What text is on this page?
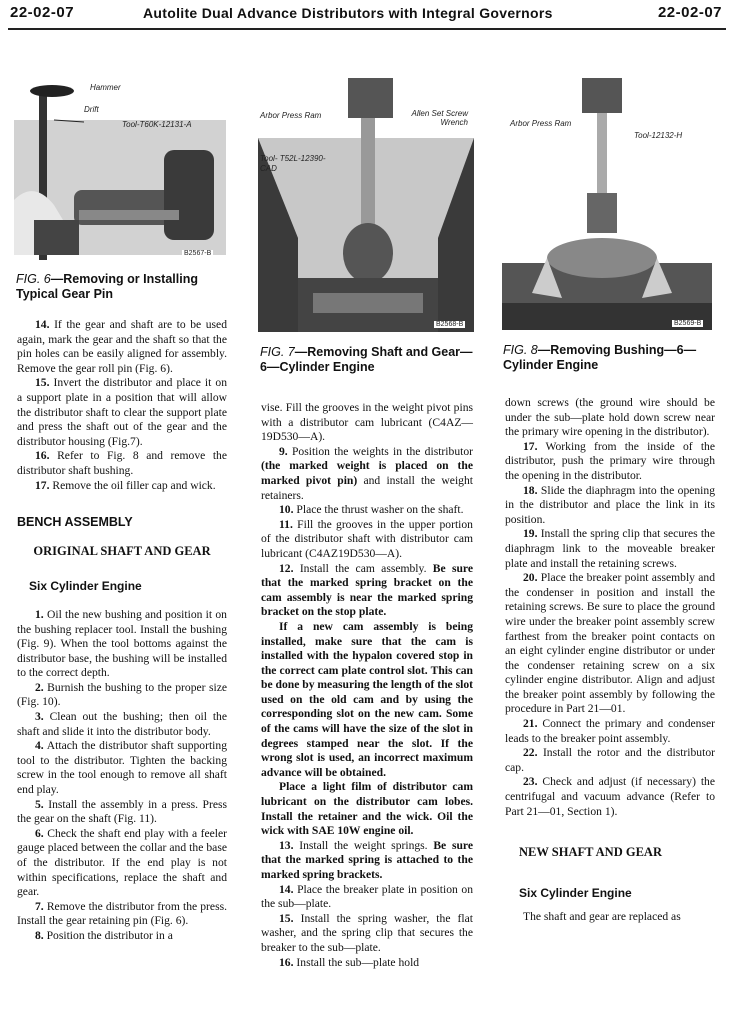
22-02-07	Autolite Dual Advance Distributors with Integral Governors	22-02-07
Hammer
Drift
Tool-T60K-12131-A
B2567-B
FIG. 6—Removing or Installing Typical Gear Pin
Arbor Press Ram	Allen Set Screw Wrench
Tool- T52L-12390-CAD
B2568-B
FIG. 7—Removing Shaft and Gear—6—Cylinder Engine
Arbor Press Ram
Tool-12132-H
B2569-B
FIG. 8—Removing Bushing—6—Cylinder Engine

14. If the gear and shaft are to be used again, mark the gear and the shaft so that the pin holes can be easily aligned for assembly. Remove the gear roll pin (Fig. 6).

15. Invert the distributor and place it on a support plate in a position that will allow the distributor shaft to clear the support plate and press the shaft out of the gear and the distributor housing (Fig.7).

16. Refer to Fig. 8 and remove the distributor shaft bushing.

17. Remove the oil filler cap and wick.

BENCH ASSEMBLY

ORIGINAL SHAFT AND GEAR

Six Cylinder Engine

1. Oil the new bushing and position it on the bushing replacer tool. Install the bushing (Fig. 9). When the tool bottoms against the distributor base, the bushing will be installed to the correct depth.

2. Burnish the bushing to the proper size (Fig. 10).

3. Clean out the bushing; then oil the shaft and slide it into the distributor body.

4. Attach the distributor shaft supporting tool to the distributor. Tighten the backing screw in the tool enough to remove all shaft end play.

5. Install the assembly in a press. Press the gear on the shaft (Fig. 11).

6. Check the shaft end play with a feeler gauge placed between the collar and the base of the distributor. If the end play is not within specifications, replace the shaft and gear.

7. Remove the distributor from the press. Install the gear retaining pin (Fig. 6).

8. Position the distributor in a

vise. Fill the grooves in the weight pivot pins with a distributor cam lubricant (C4AZ—19D530—A).

9. Position the weights in the distributor (the marked weight is placed on the marked pivot pin) and install the weight retainers.

10. Place the thrust washer on the shaft.

11. Fill the grooves in the upper portion of the distributor shaft with distributor cam lubricant (C4AZ19D530—A).

12. Install the cam assembly. Be sure that the marked spring bracket on the cam assembly is near the marked spring bracket on the stop plate.

If a new cam assembly is being installed, make sure that the cam is installed with the hypalon covered stop in the correct cam plate control slot. This can be done by measuring the length of the slot used on the old cam and by using the corresponding slot on the new cam. Some of the cams will have the size of the slot in degrees stamped near the slot. If the wrong slot is used, an incorrect maximum advance will be obtained.

Place a light film of distributor cam lubricant on the distributor cam lobes. Install the retainer and the wick. Oil the wick with SAE 10W engine oil.

13. Install the weight springs. Be sure that the marked spring is attached to the marked spring brackets.

14. Place the breaker plate in position on the sub—plate.

15. Install the spring washer, the flat washer, and the spring clip that secures the breaker to the sub—plate.

16. Install the sub—plate hold

down screws (the ground wire should be under the sub—plate hold down screw near the primary wire opening in the distributor).

17. Working from the inside of the distributor, push the primary wire through the opening in the distributor.

18. Slide the diaphragm into the opening in the distributor and place the link in its position.

19. Install the spring clip that secures the diaphragm link to the moveable breaker plate and install the retaining screws.

20. Place the breaker point assembly and the condenser in position and install the retaining screws. Be sure to place the ground wire under the breaker point assembly screw farthest from the breaker point contacts on an eight cylinder engine distributor or under the condenser retaining screw on a six cylinder engine distributor. Align and adjust the breaker point assembly by following the procedure in Part 21—01.

21. Connect the primary and condenser leads to the breaker point assembly.

22. Install the rotor and the distributor cap.

23. Check and adjust (if necessary) the centrifugal and vacuum advance (Refer to Part 21—01, Section 1).

NEW SHAFT AND GEAR

Six Cylinder Engine

The shaft and gear are replaced as
